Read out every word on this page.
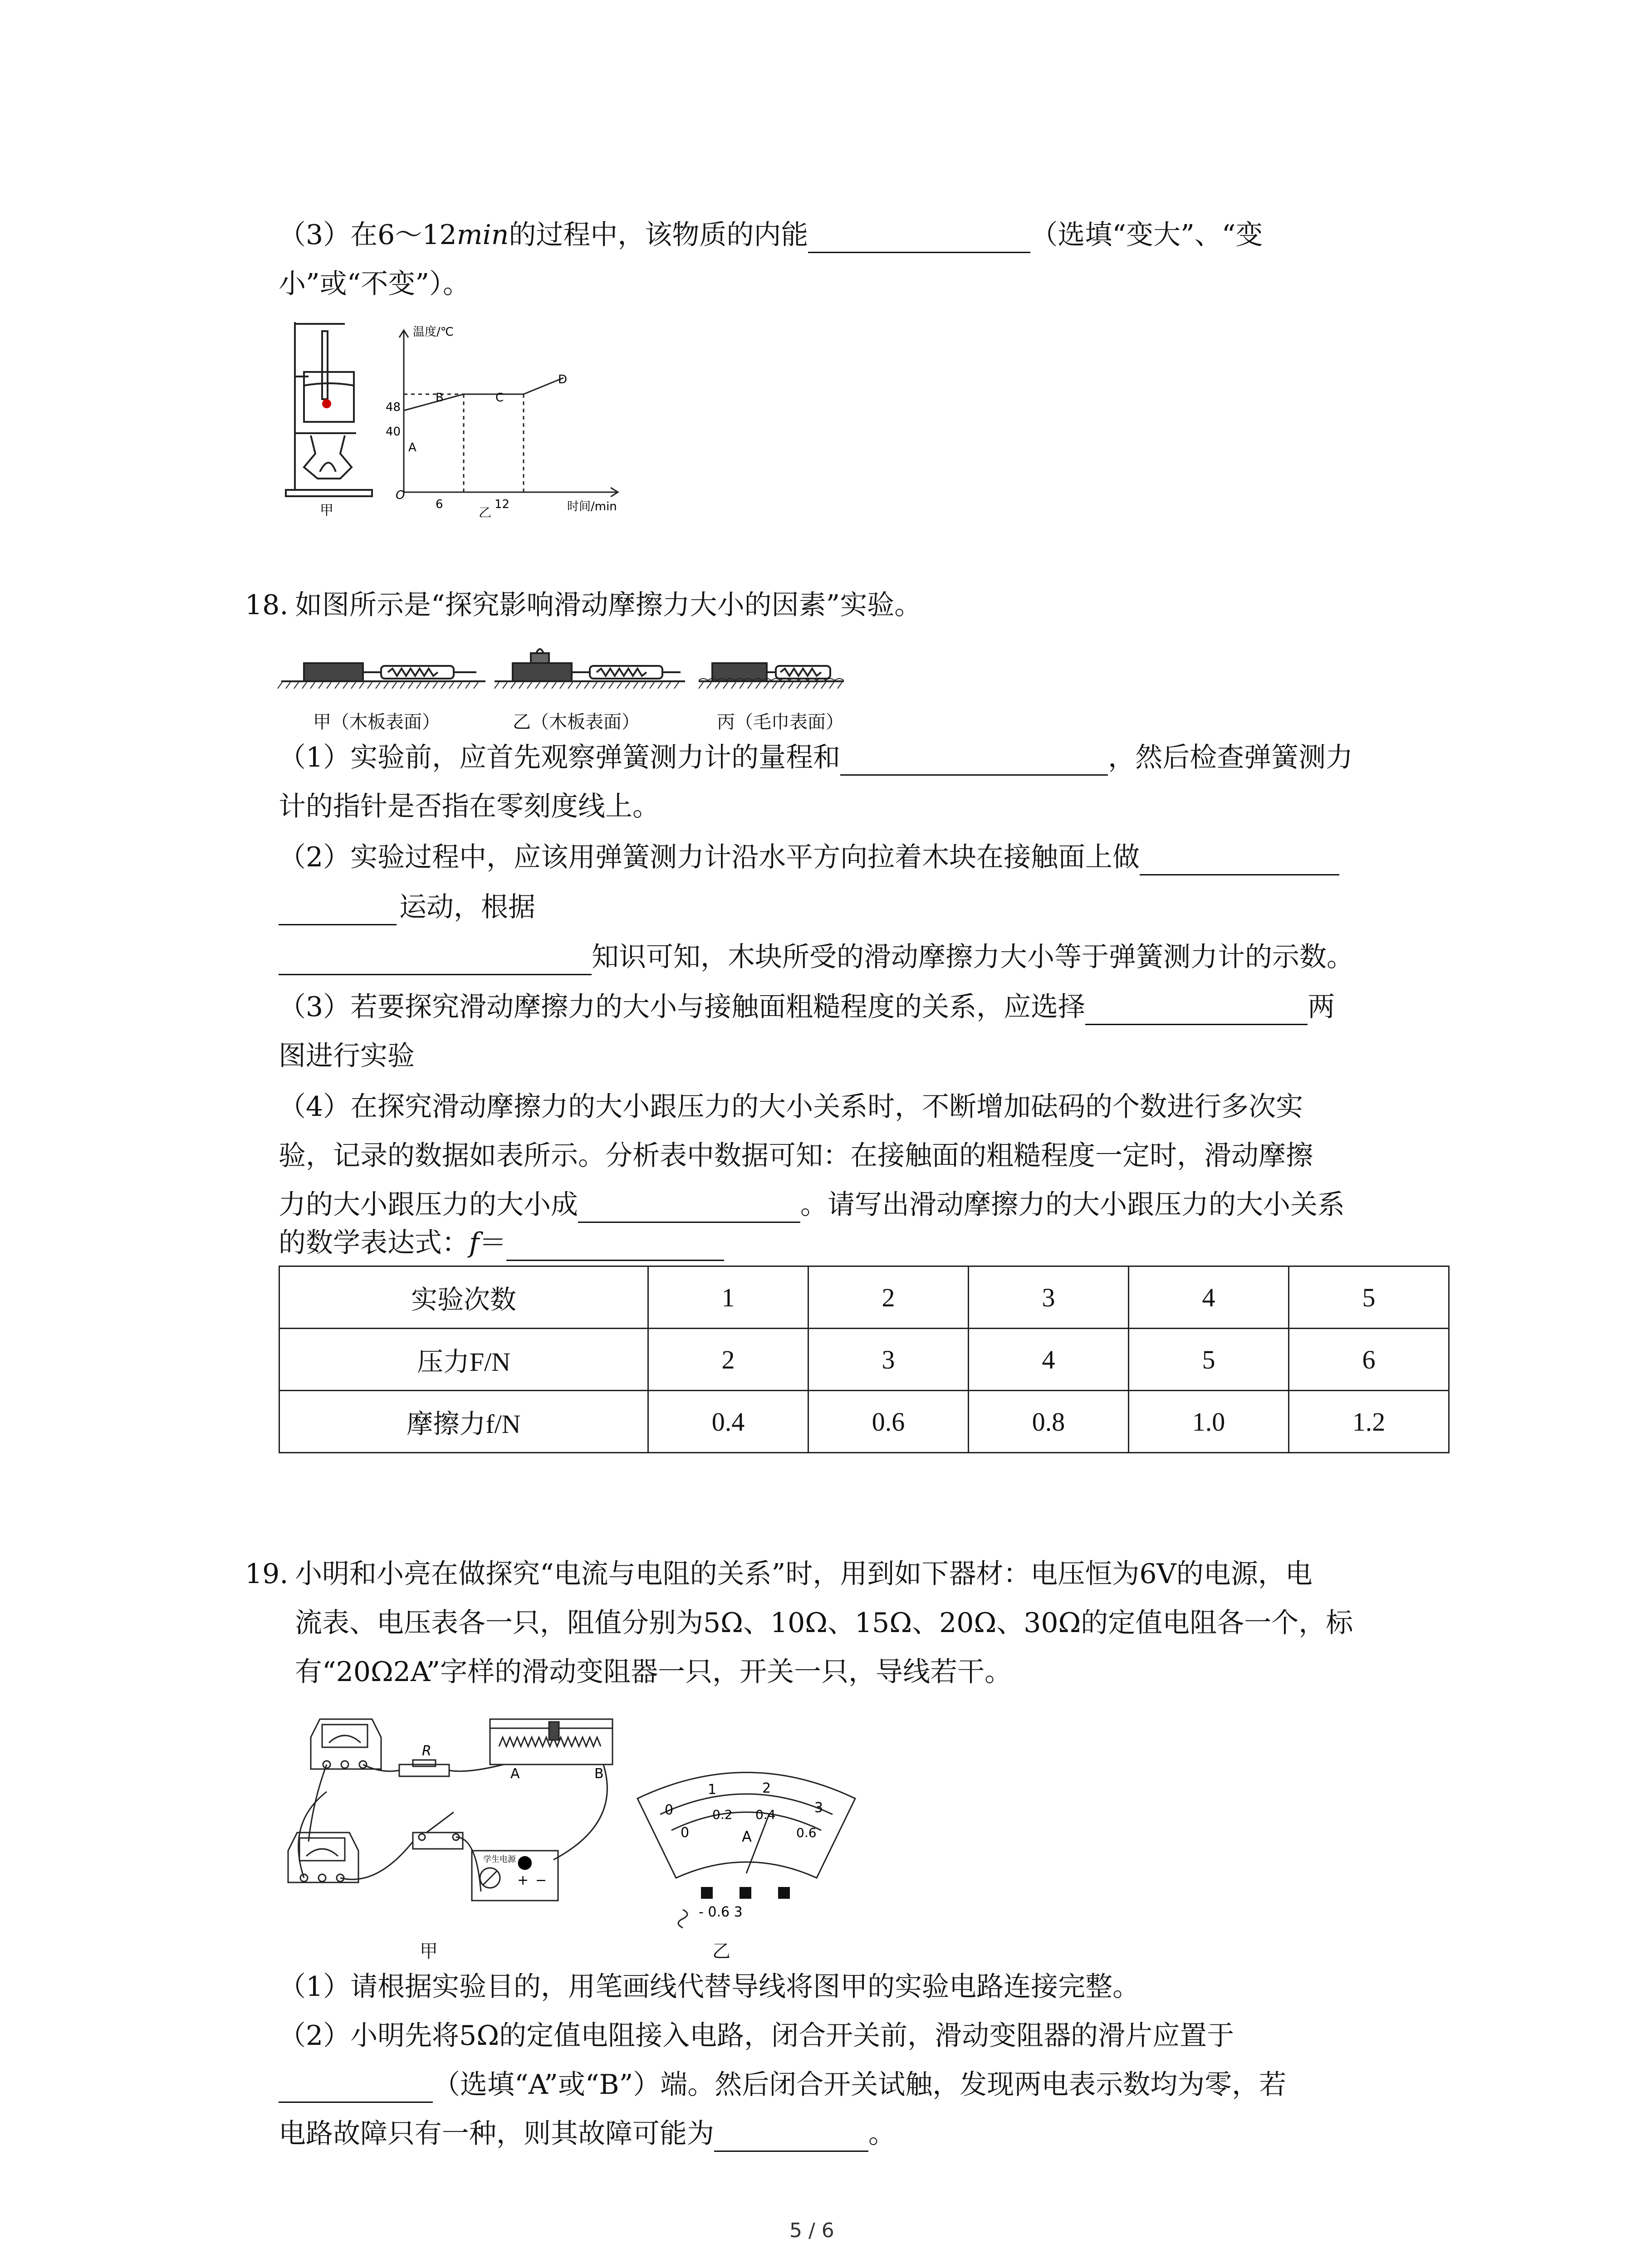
（3）在6～12min的过程中，该物质的内能	（选填“变大”、“变
小”或“不变”）。
甲
温度/℃
时间/min
O
48
40
6	12
A
B	C
D
乙
18. 如图所示是“探究影响滑动摩擦力大小的因素”实验。
甲（木板表面）	乙（木板表面）	丙（毛巾表面）
（1）实验前，应首先观察弹簧测力计的量程和	，然后检查弹簧测力
计的指针是否指在零刻度线上。
（2）实验过程中，应该用弹簧测力计沿水平方向拉着木块在接触面上做
运动，根据
知识可知，木块所受的滑动摩擦力大小等于弹簧测力计的示数。
（3）若要探究滑动摩擦力的大小与接触面粗糙程度的关系，应选择	两
图进行实验
（4）在探究滑动摩擦力的大小跟压力的大小关系时，不断增加砝码的个数进行多次实
验，记录的数据如表所示。分析表中数据可知：在接触面的粗糙程度一定时，滑动摩擦
力的大小跟压力的大小成	。请写出滑动摩擦力的大小跟压力的大小关系
的数学表达式：f＝
实验次数	1	2	3	4	5
压力F/N	2	3	4	5	6
摩擦力f/N	0.4	0.6	0.8	1.0	1.2
19. 小明和小亮在做探究“电流与电阻的关系”时，用到如下器材：电压恒为6V的电源，电
流表、电压表各一只，阻值分别为5Ω、10Ω、15Ω、20Ω、30Ω的定值电阻各一个，标
有“20Ω2A”字样的滑动变阻器一只，开关一只，导线若干。
R
A	B
学生电源 ⬤
+ −
甲
0
1	2
3
0
0.2 0.4
0.6
A
- 0.6 3
乙
（1）请根据实验目的，用笔画线代替导线将图甲的实验电路连接完整。
（2）小明先将5Ω的定值电阻接入电路，闭合开关前，滑动变阻器的滑片应置于
（选填“A”或“B”）端。然后闭合开关试触，发现两电表示数均为零，若
电路故障只有一种，则其故障可能为	。
5 / 6
